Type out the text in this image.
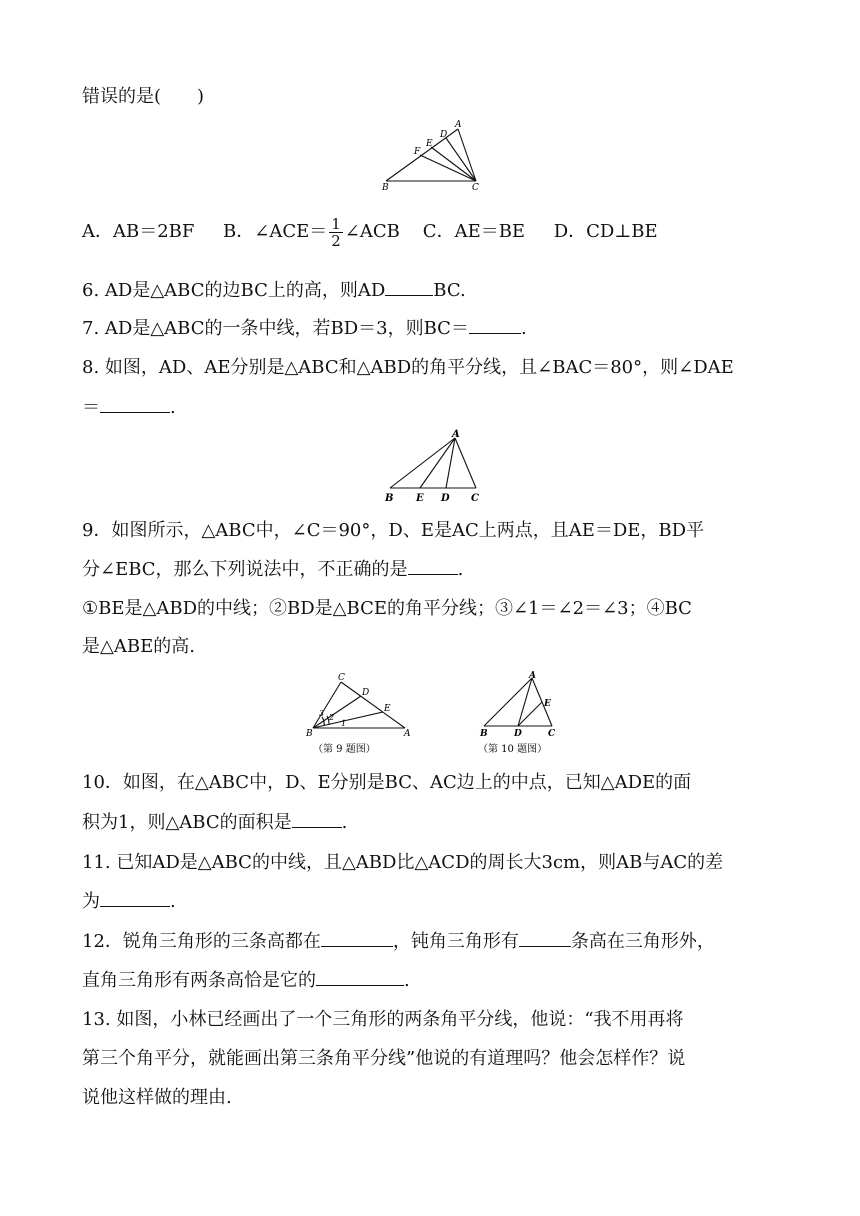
错误的是(　　)
A
B	C
D
E
F
A．AB＝2BF B．∠ACE＝ $\frac{1}{2}$ ∠ACB C．AE＝BE D．CD⊥BE
6. AD是△ABC的边BC上的高，则AD	BC.
7. AD是△ABC的一条中线，若BD＝3，则BC＝	.
8. 如图，AD、AE分别是△ABC和△ABD的角平分线，且∠BAC＝80°，则∠DAE
＝	.
A
B E D C
9．如图所示，△ABC中，∠C＝90°，D、E是AC上两点，且AE＝DE，BD平
分∠EBC，那么下列说法中，不正确的是	.
①BE是△ABD的中线；②BD是△BCE的角平分线；③∠1＝∠2＝∠3；④BC
是△ABE的高.
C
D
E
B	A
3 2
1
（第 9 题图）
A
E
B	D	C
（第 10 题图）
10．如图，在△ABC中，D、E分别是BC、AC边上的中点，已知△ADE的面
积为1，则△ABC的面积是	.
11. 已知AD是△ABC的中线，且△ABD比△ACD的周长大3cm，则AB与AC的差
为	.
12．锐角三角形的三条高都在	，钝角三角形有	条高在三角形外，
直角三角形有两条高恰是它的	.
13. 如图，小林已经画出了一个三角形的两条角平分线，他说：“我不用再将
第三个角平分，就能画出第三条角平分线”他说的有道理吗？他会怎样作？说
说他这样做的理由.
